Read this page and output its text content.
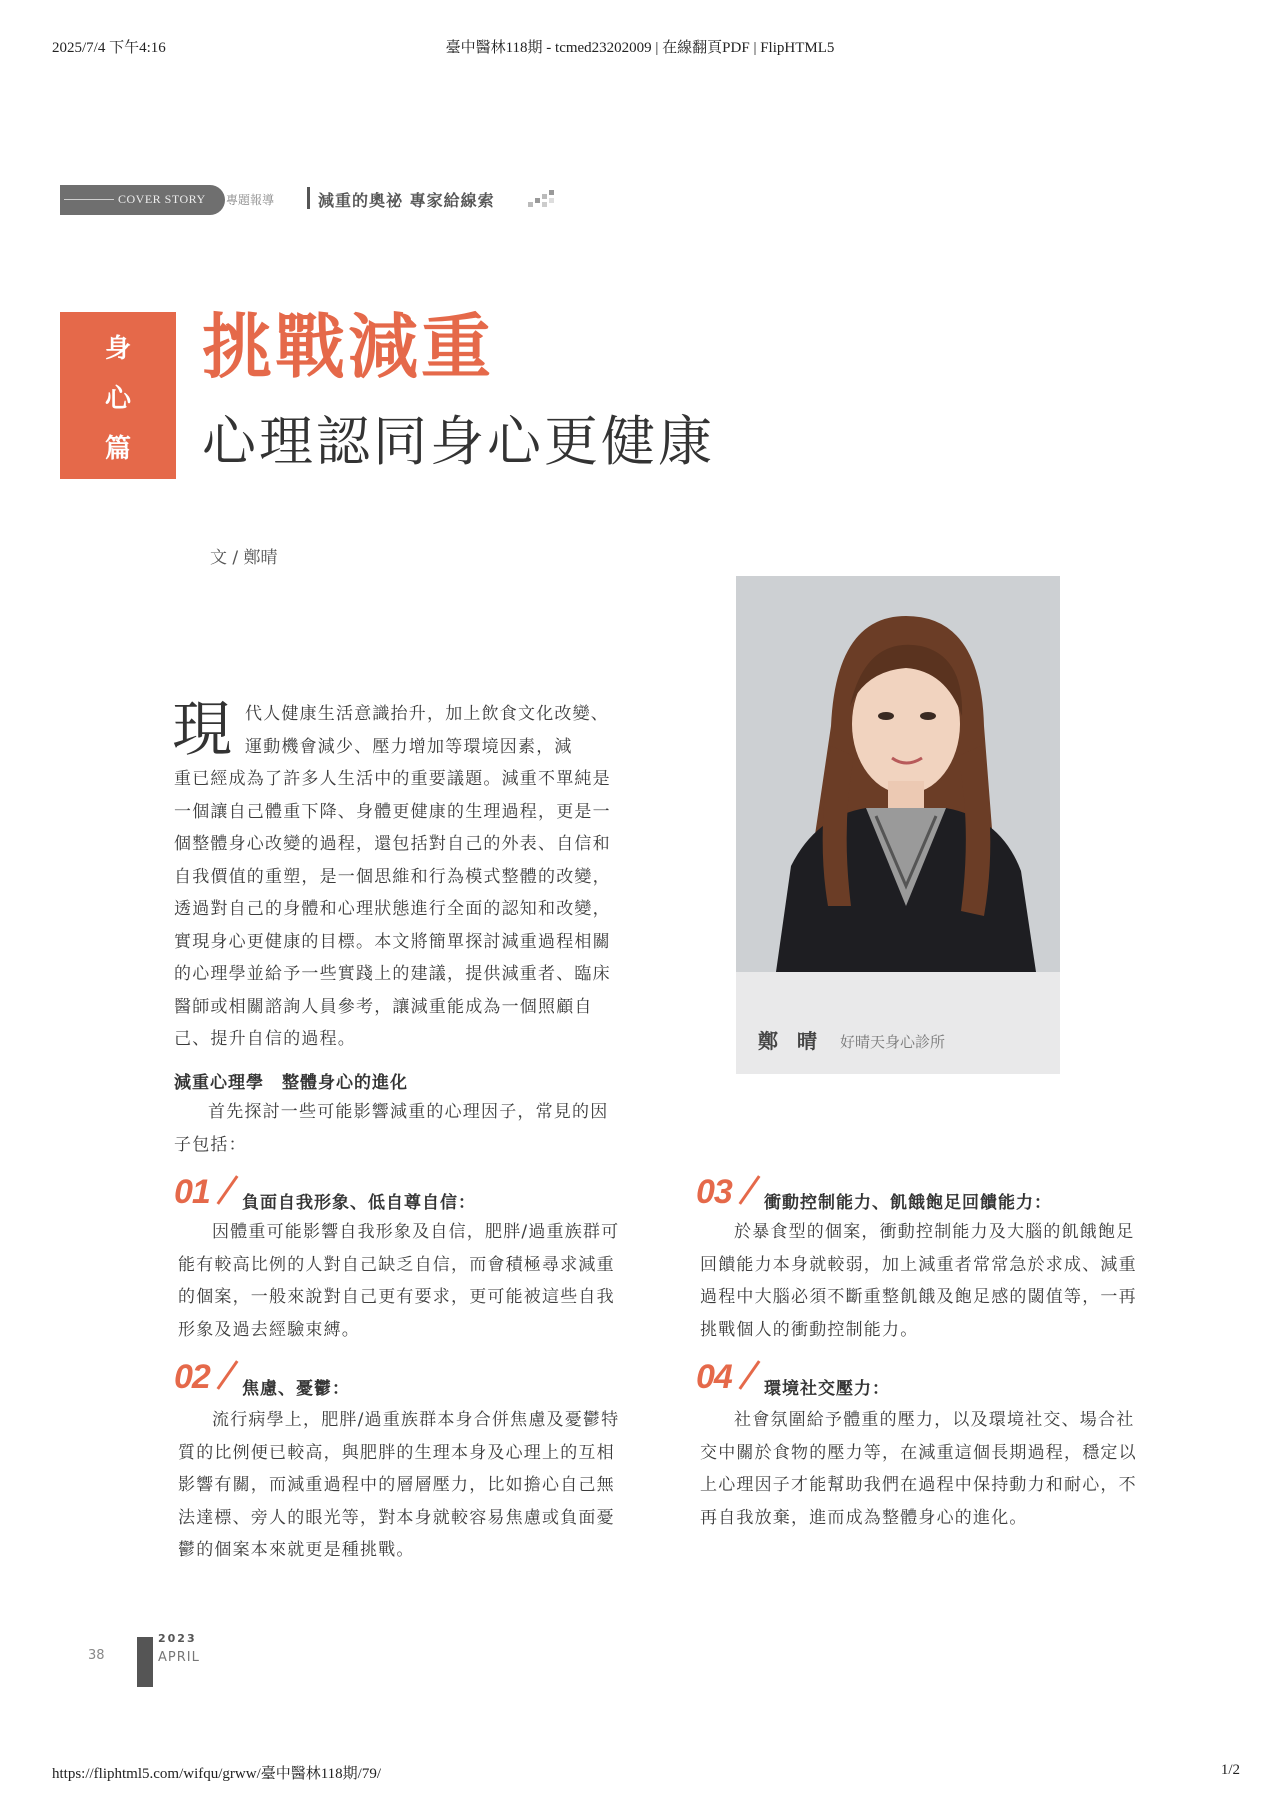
2025/7/4 下午4:16	臺中醫林118期 - tcmed23202009 | 在線翻頁PDF | FlipHTML5
https://fliphtml5.com/wifqu/grww/臺中醫林118期/79/	1/2
COVER STORY 專題報導	減重的奧祕 專家給線索
身
心
篇
挑戰減重
心理認同身心更健康
文 / 鄭晴
鄭 晴 好晴天身心診所
現 代人健康生活意識抬升，加上飲食文化改變、運動機會減少、壓力增加等環境因素，減
重已經成為了許多人生活中的重要議題。減重不單純是一個讓自己體重下降、身體更健康的生理過程，更是一個整體身心改變的過程，還包括對自己的外表、自信和自我價值的重塑，是一個思維和行為模式整體的改變，透過對自己的身體和心理狀態進行全面的認知和改變，實現身心更健康的目標。本文將簡單探討減重過程相關的心理學並給予一些實踐上的建議，提供減重者、臨床醫師或相關諮詢人員參考，讓減重能成為一個照顧自己、提升自信的過程。
減重心理學　整體身心的進化
首先探討一些可能影響減重的心理因子，常見的因子包括：
01 負面自我形象、低自尊自信：
因體重可能影響自我形象及自信，肥胖/過重族群可能有較高比例的人對自己缺乏自信，而會積極尋求減重的個案，一般來說對自己更有要求，更可能被這些自我形象及過去經驗束縛。
02 焦慮、憂鬱：
流行病學上，肥胖/過重族群本身合併焦慮及憂鬱特質的比例便已較高，與肥胖的生理本身及心理上的互相影響有關，而減重過程中的層層壓力，比如擔心自己無法達標、旁人的眼光等，對本身就較容易焦慮或負面憂鬱的個案本來就更是種挑戰。
03 衝動控制能力、飢餓飽足回饋能力：
於暴食型的個案，衝動控制能力及大腦的飢餓飽足回饋能力本身就較弱，加上減重者常常急於求成、減重過程中大腦必須不斷重整飢餓及飽足感的閾值等，一再挑戰個人的衝動控制能力。
04 環境社交壓力：
社會氛圍給予體重的壓力，以及環境社交、場合社交中關於食物的壓力等，在減重這個長期過程，穩定以上心理因子才能幫助我們在過程中保持動力和耐心，不再自我放棄，進而成為整體身心的進化。
38
2023
APRIL
